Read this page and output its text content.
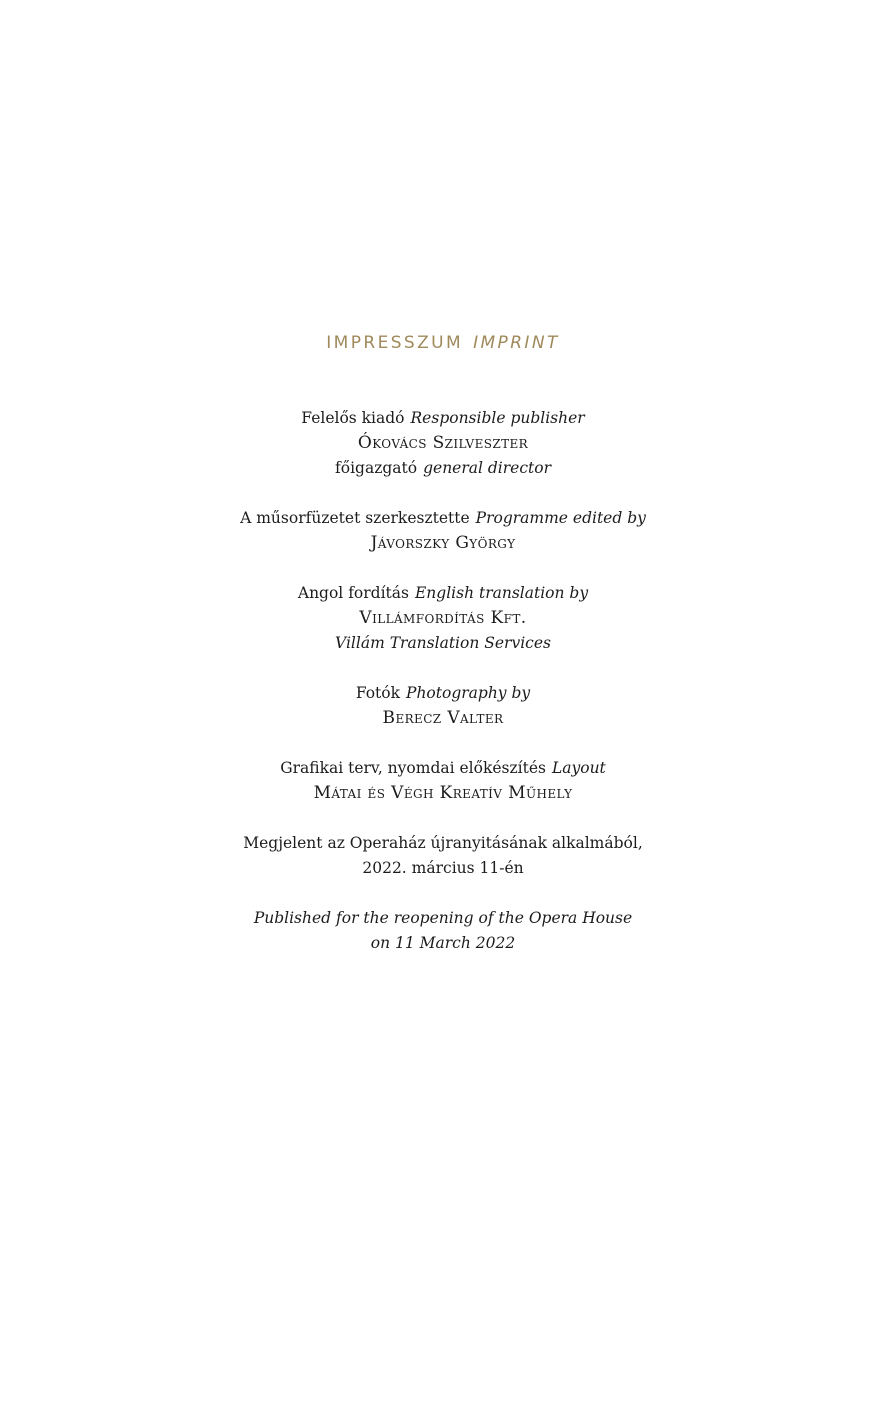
IMPRESSZUM IMPRINT
Felelős kiadó Responsible publisher
Ókovács Szilveszter
főigazgató general director
A műsorfüzetet szerkesztette Programme edited by
Jávorszky György
Angol fordítás English translation by
Villámfordítás Kft.
Villám Translation Services
Fotók Photography by
Berecz Valter
Grafikai terv, nyomdai előkészítés Layout
Mátai és Végh Kreatív Műhely
Megjelent az Operaház újranyitásának alkalmából,
2022. március 11-én
Published for the reopening of the Opera House
on 11 March 2022
